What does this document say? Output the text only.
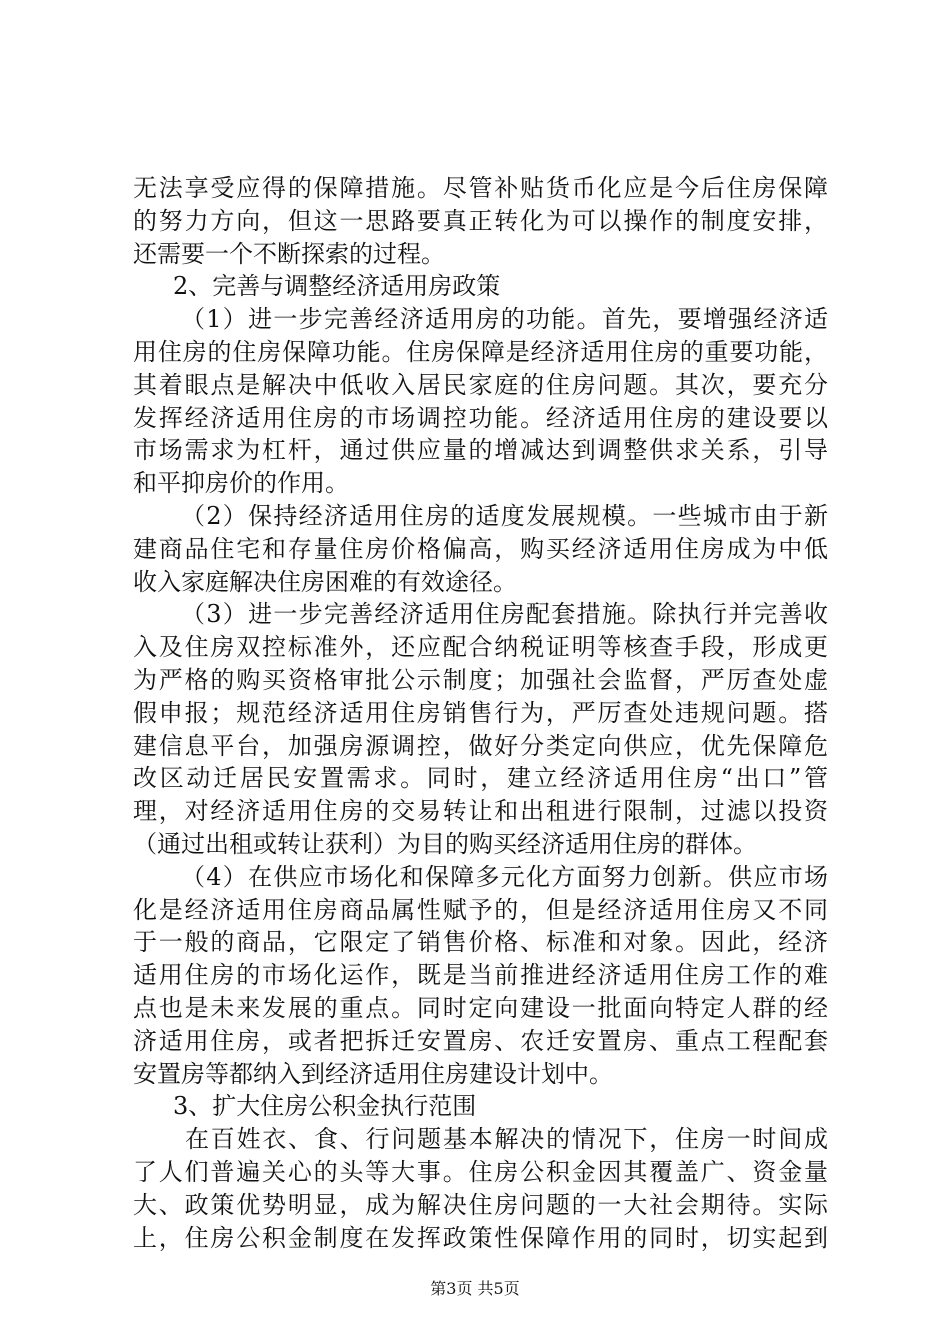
无法享受应得的保障措施。尽管补贴货币化应是今后住房保障
的努力方向，但这一思路要真正转化为可以操作的制度安排，
还需要一个不断探索的过程。
2、完善与调整经济适用房政策
（1）进一步完善经济适用房的功能。首先，要增强经济适
用住房的住房保障功能。住房保障是经济适用住房的重要功能，
其着眼点是解决中低收入居民家庭的住房问题。其次，要充分
发挥经济适用住房的市场调控功能。经济适用住房的建设要以
市场需求为杠杆，通过供应量的增减达到调整供求关系，引导
和平抑房价的作用。
（2）保持经济适用住房的适度发展规模。一些城市由于新
建商品住宅和存量住房价格偏高，购买经济适用住房成为中低
收入家庭解决住房困难的有效途径。
（3）进一步完善经济适用住房配套措施。除执行并完善收
入及住房双控标准外，还应配合纳税证明等核查手段，形成更
为严格的购买资格审批公示制度；加强社会监督，严厉查处虚
假申报；规范经济适用住房销售行为，严厉查处违规问题。搭
建信息平台，加强房源调控，做好分类定向供应，优先保障危
改区动迁居民安置需求。同时，建立经济适用住房“出口”管
理，对经济适用住房的交易转让和出租进行限制，过滤以投资
（通过出租或转让获利）为目的购买经济适用住房的群体。
（4）在供应市场化和保障多元化方面努力创新。供应市场
化是经济适用住房商品属性赋予的，但是经济适用住房又不同
于一般的商品，它限定了销售价格、标准和对象。因此，经济
适用住房的市场化运作，既是当前推进经济适用住房工作的难
点也是未来发展的重点。同时定向建设一批面向特定人群的经
济适用住房，或者把拆迁安置房、农迁安置房、重点工程配套
安置房等都纳入到经济适用住房建设计划中。
3、扩大住房公积金执行范围
在百姓衣、食、行问题基本解决的情况下，住房一时间成
了人们普遍关心的头等大事。住房公积金因其覆盖广、资金量
大、政策优势明显，成为解决住房问题的一大社会期待。实际
上，住房公积金制度在发挥政策性保障作用的同时，切实起到
第3页 共5页
